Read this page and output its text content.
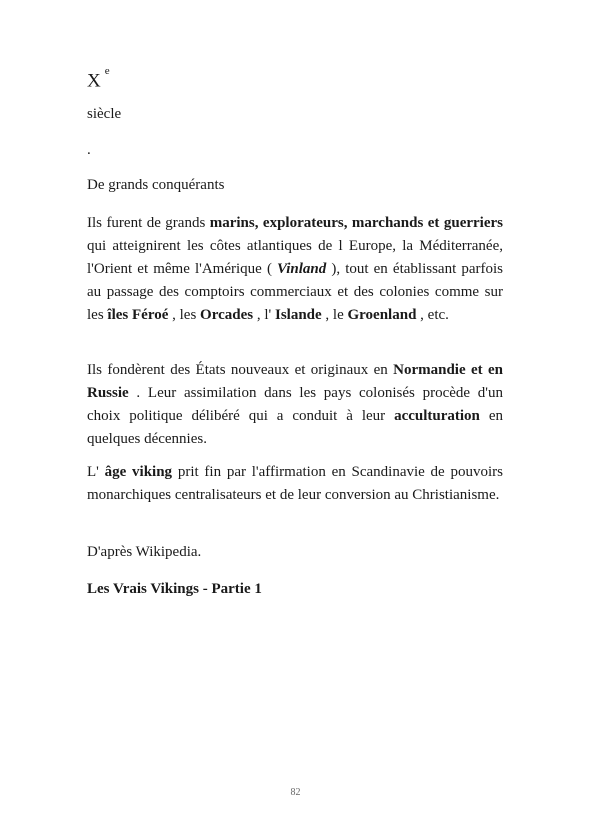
X $^e$
siècle
.
De grands conquérants

Ils furent de grands marins, explorateurs, marchands et guerriers qui atteignirent les côtes atlantiques de l Europe, la Méditerranée, l'Orient et même l'Amérique ( Vinland ), tout en établissant parfois au passage des comptoirs commerciaux et des colonies comme sur les îles Féroé , les Orcades , l' Islande , le Groenland , etc.

Ils fondèrent des États nouveaux et originaux en Normandie et en Russie . Leur assimilation dans les pays colonisés procède d'un choix politique délibéré qui a conduit à leur acculturation en quelques décennies.

L' âge viking prit fin par l'affirmation en Scandinavie de pouvoirs monarchiques centralisateurs et de leur conversion au Christianisme.

D'après Wikipedia.

Les Vrais Vikings - Partie 1

82
